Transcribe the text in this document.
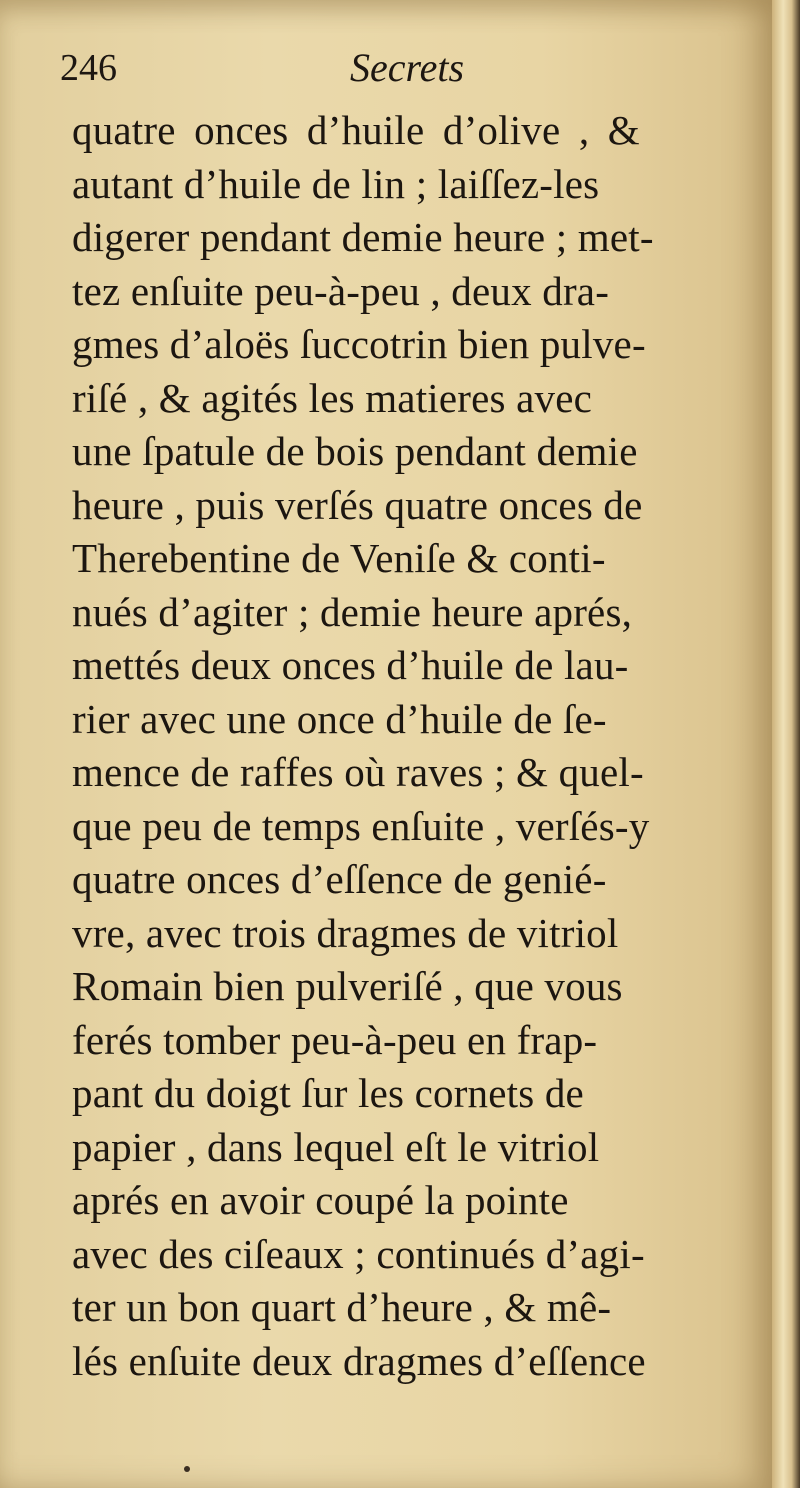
246	Secrets
quatre onces d’huile d’olive , &
autant d’huile de lin ; laiſſez-les
digerer pendant demie heure ; met-
tez enſuite peu-à-peu , deux dra-
gmes d’aloës ſuccotrin bien pulve-
riſé , & agités les matieres avec
une ſpatule de bois pendant demie
heure , puis verſés quatre onces de
Therebentine de Veniſe & conti-
nués d’agiter ; demie heure aprés,
mettés deux onces d’huile de lau-
rier avec une once d’huile de ſe-
mence de raffes où raves ; & quel-
que peu de temps enſuite , verſés-y
quatre onces d’eſſence de genié-
vre, avec trois dragmes de vitriol
Romain bien pulveriſé , que vous
ferés tomber peu-à-peu en frap-
pant du doigt ſur les cornets de
papier , dans lequel eſt le vitriol
aprés en avoir coupé la pointe
avec des ciſeaux ; continués d’agi-
ter un bon quart d’heure , & mê-
lés enſuite deux dragmes d’eſſence
